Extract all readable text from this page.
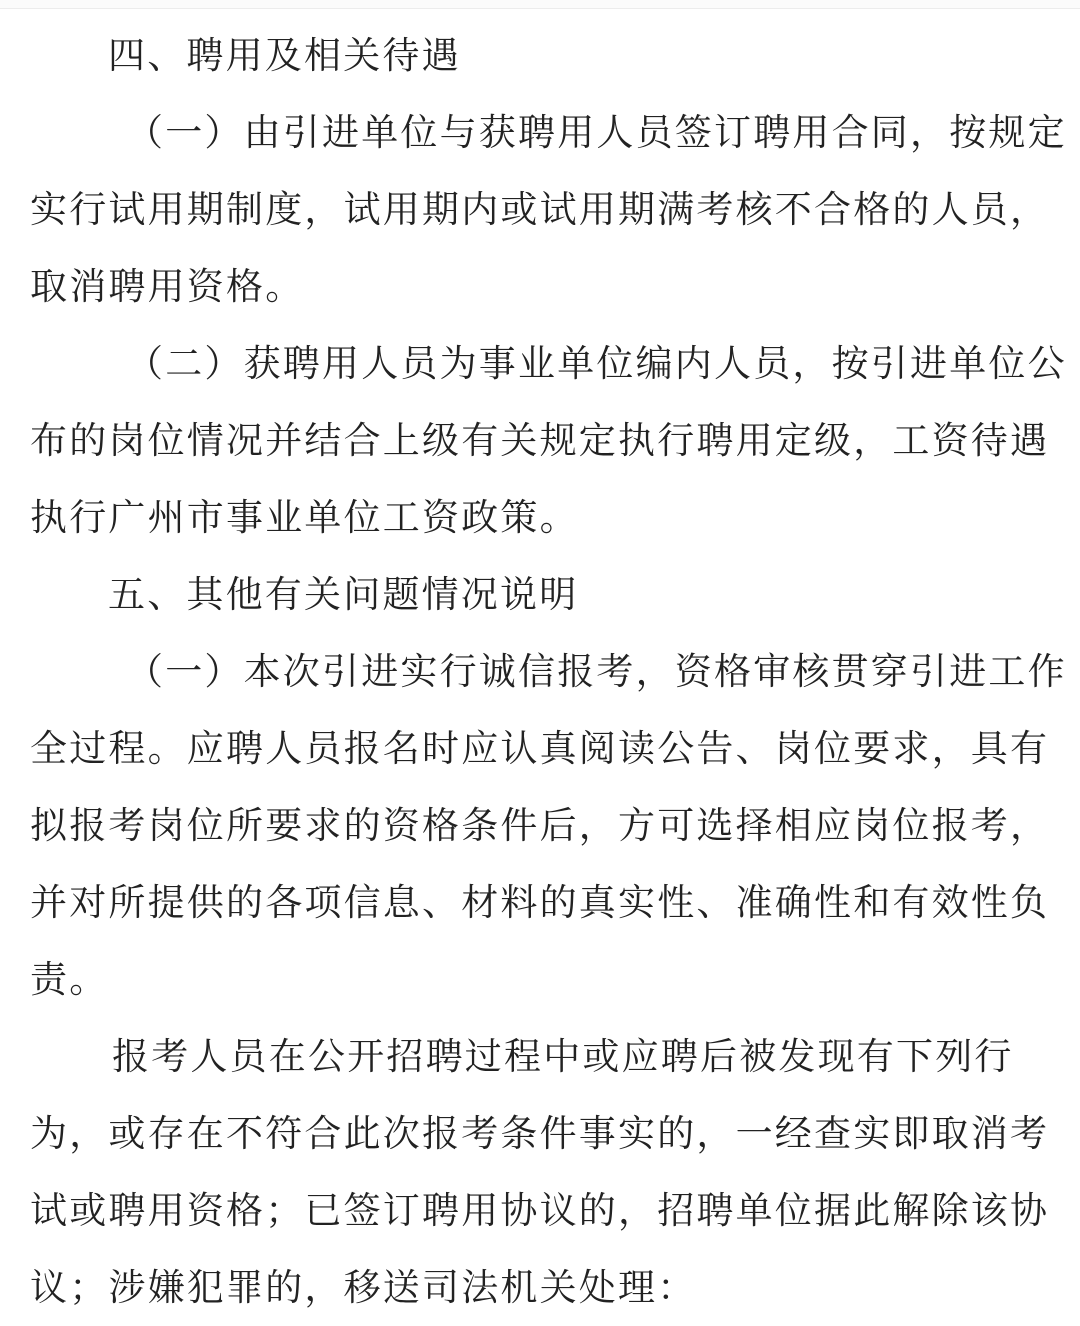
四、聘用及相关待遇

（一）由引进单位与获聘用人员签订聘用合同，按规定

实行试用期制度，试用期内或试用期满考核不合格的人员，

取消聘用资格。

（二）获聘用人员为事业单位编内人员，按引进单位公

布的岗位情况并结合上级有关规定执行聘用定级，工资待遇

执行广州市事业单位工资政策。

五、其他有关问题情况说明

（一）本次引进实行诚信报考，资格审核贯穿引进工作

全过程。应聘人员报名时应认真阅读公告、岗位要求，具有

拟报考岗位所要求的资格条件后，方可选择相应岗位报考，

并对所提供的各项信息、材料的真实性、准确性和有效性负

责。

报考人员在公开招聘过程中或应聘后被发现有下列行

为，或存在不符合此次报考条件事实的，一经查实即取消考

试或聘用资格；已签订聘用协议的，招聘单位据此解除该协

议；涉嫌犯罪的，移送司法机关处理：
